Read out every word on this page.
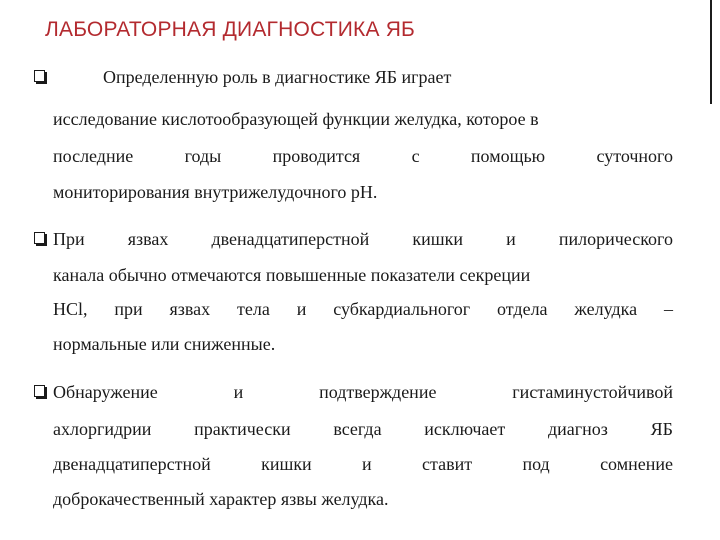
ЛАБОРАТОРНАЯ ДИАГНОСТИКА ЯБ
Определенную роль в диагностике ЯБ играет
исследование кислотообразующей функции желудка, которое в
последние	годы	проводится	с	помощью	суточного
мониторирования внутрижелудочного рН.
При язвах двенадцатиперстной кишки и пилорического
канала обычно отмечаются повышенные показатели секреции
HCl, при язвах тела и субкардиальногог отдела желудка –
нормальные или сниженные.
Обнаружение	и	подтверждение	гистаминустойчивой
ахлоргидрии практически всегда исключает диагноз ЯБ
двенадцатиперстной	кишки	и	ставит	под	сомнение
доброкачественный характер язвы желудка.
